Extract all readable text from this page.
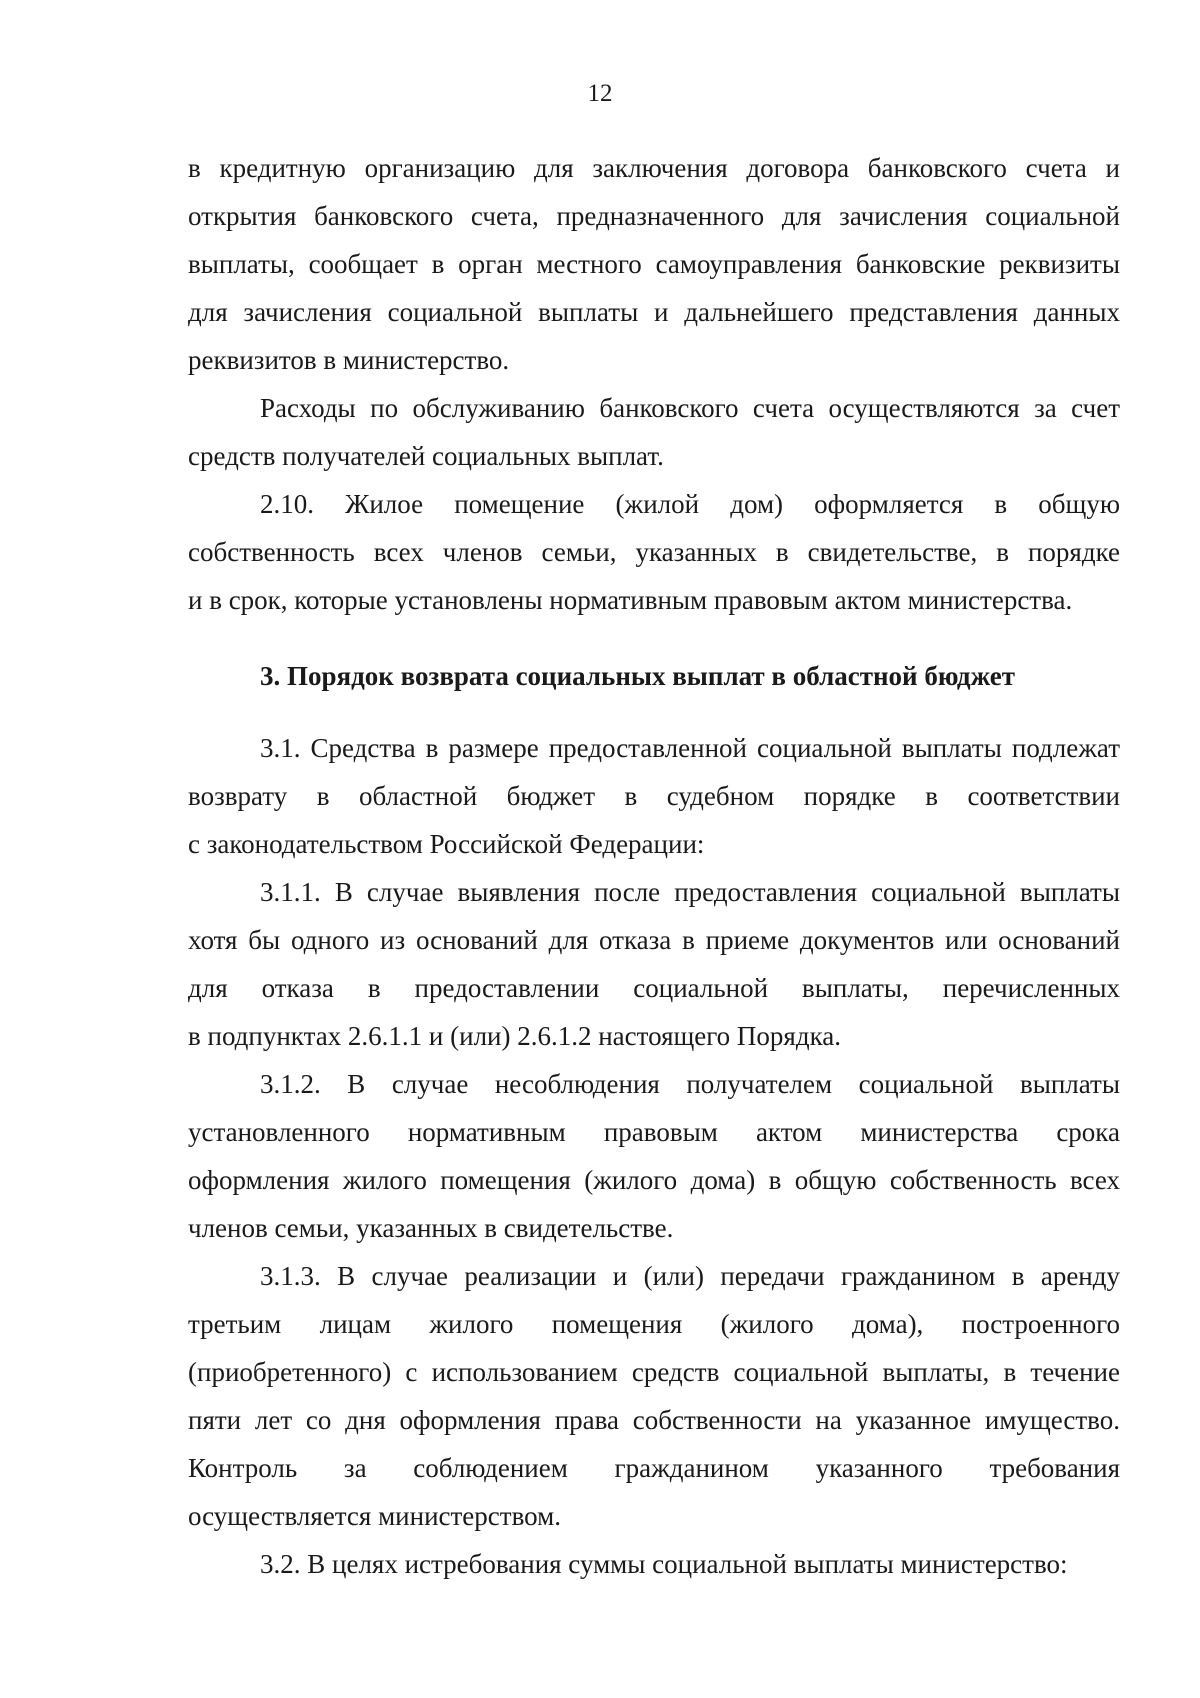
12
в кредитную организацию для заключения договора банковского счета и
открытия банковского счета, предназначенного для зачисления социальной
выплаты, сообщает в орган местного самоуправления банковские реквизиты
для зачисления социальной выплаты и дальнейшего представления данных
реквизитов в министерство.
Расходы по обслуживанию банковского счета осуществляются за счет
средств получателей социальных выплат.
2.10. Жилое помещение (жилой дом) оформляется в общую
собственность всех членов семьи, указанных в свидетельстве, в порядке
и в срок, которые установлены нормативным правовым актом министерства.
3. Порядок возврата социальных выплат в областной бюджет
3.1. Средства в размере предоставленной социальной выплаты подлежат
возврату в областной бюджет в судебном порядке в соответствии
с законодательством Российской Федерации:
3.1.1. В случае выявления после предоставления социальной выплаты
хотя бы одного из оснований для отказа в приеме документов или оснований
для отказа в предоставлении социальной выплаты, перечисленных
в подпунктах 2.6.1.1 и (или) 2.6.1.2 настоящего Порядка.
3.1.2. В случае несоблюдения получателем социальной выплаты
установленного нормативным правовым актом министерства срока
оформления жилого помещения (жилого дома) в общую собственность всех
членов семьи, указанных в свидетельстве.
3.1.3. В случае реализации и (или) передачи гражданином в аренду
третьим лицам жилого помещения (жилого дома), построенного
(приобретенного) с использованием средств социальной выплаты, в течение
пяти лет со дня оформления права собственности на указанное имущество.
Контроль за соблюдением гражданином указанного требования
осуществляется министерством.
3.2. В целях истребования суммы социальной выплаты министерство:
